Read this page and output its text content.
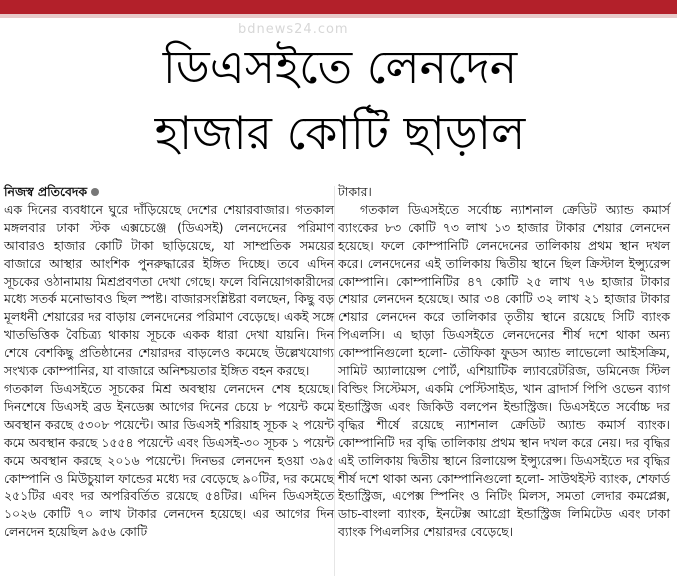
bdnews24.com
ডিএসইতে লেনদেন
হাজার কোটি ছাড়াল
নিজস্ব প্রতিবেদক

এক দিনের ব্যবধানে ঘুরে দাঁড়িয়েছে দেশের শেয়ারবাজার। গতকাল মঙ্গলবার ঢাকা স্টক এক্সচেঞ্জে (ডিএসই) লেনদেনের পরিমাণ আবারও হাজার কোটি টাকা ছাড়িয়েছে, যা সাম্প্রতিক সময়ের বাজারে আস্থার আংশিক পুনরুদ্ধারের ইঙ্গিত দিচ্ছে। তবে এদিন সূচকের ওঠানামায় মিশ্রপ্রবণতা দেখা গেছে। ফলে বিনিয়োগকারীদের মধ্যে সতর্ক মনোভাবও ছিল স্পষ্ট। বাজারসংশ্লিষ্টরা বলছেন, কিছু বড় মূলধনী শেয়ারের দর বাড়ায় লেনদেনের পরিমাণ বেড়েছে। একই সঙ্গে খাতভিত্তিক বৈচিত্র্য থাকায় সূচকে একক ধারা দেখা যায়নি। দিন শেষে বেশকিছু প্রতিষ্ঠানের শেয়ারদর বাড়লেও কমেছে উল্লেখযোগ্য সংখ্যক কোম্পানির, যা বাজারে অনিশ্চয়তার ইঙ্গিত বহন করছে।

গতকাল ডিএসইতে সূচকের মিশ্র অবস্থায় লেনদেন শেষ হয়েছে। দিনশেষে ডিএসই ব্রড ইনডেক্স আগের দিনের চেয়ে ৮ পয়েন্ট কমে অবস্থান করছে ৫৩০৮ পয়েন্টে। আর ডিএসই শরিয়াহ সূচক ২ পয়েন্ট কমে অবস্থান করছে ১৫৫৪ পয়েন্টে এবং ডিএসই-৩০ সূচক ১ পয়েন্ট কমে অবস্থান করছে ২০১৬ পয়েন্টে। দিনভর লেনদেন হওয়া ৩৯৫ কোম্পানি ও মিউচুয়াল ফান্ডের মধ্যে দর বেড়েছে ৯০টির, দর কমেছে ২৫১টির এবং দর অপরিবর্তিত রয়েছে ৫৪টির। এদিন ডিএসইতে ১০২৬ কোটি ৭০ লাখ টাকার লেনদেন হয়েছে। এর আগের দিন লেনদেন হয়েছিল ৯৫৬ কোটি

টাকার।

গতকাল ডিএসইতে সর্বোচ্চ ন্যাশনাল ক্রেডিট অ্যান্ড কমার্স ব্যাংকের ৮৩ কোটি ৭৩ লাখ ১৩ হাজার টাকার শেয়ার লেনদেন হয়েছে। ফলে কোম্পানিটি লেনদেনের তালিকায় প্রথম স্থান দখল করে। লেনদেনের এই তালিকায় দ্বিতীয় স্থানে ছিল ক্রিস্টাল ইন্স্যুরেন্স কোম্পানি। কোম্পানিটির ৪৭ কোটি ২৫ লাখ ৭৬ হাজার টাকার শেয়ার লেনদেন হয়েছে। আর ৩৪ কোটি ৩২ লাখ ২১ হাজার টাকার শেয়ার লেনদেন করে তালিকার তৃতীয় স্থানে রয়েছে সিটি ব্যাংক পিএলসি। এ ছাড়া ডিএসইতে লেনদেনের শীর্ষ দশে থাকা অন্য কোম্পানিগুলো হলো- তৌফিকা ফুডস অ্যান্ড লাভেলো আইসক্রিম, সামিট অ্যালায়েন্স পোর্ট, এশিয়াটিক ল্যাবরেটরিজ, ডমিনেজ স্টিল বিল্ডিং সিস্টেমস, একমি পেস্টিসাইড, খান ব্রাদার্স পিপি ওভেন ব্যাগ ইন্ডাস্ট্রিজ এবং জিকিউ বলপেন ইন্ডাস্ট্রিজ। ডিএসইতে সর্বোচ্চ দর বৃদ্ধির শীর্ষে রয়েছে ন্যাশনাল ক্রেডিট অ্যান্ড কমার্স ব্যাংক। কোম্পানিটি দর বৃদ্ধি তালিকায় প্রথম স্থান দখল করে নেয়। দর বৃদ্ধির এই তালিকায় দ্বিতীয় স্থানে রিলায়েন্স ইন্স্যুরেন্স। ডিএসইতে দর বৃদ্ধির শীর্ষ দশে থাকা অন্য কোম্পানিগুলো হলো- সাউথইস্ট ব্যাংক, শেফার্ড ইন্ডাস্ট্রিজ, এপেক্স স্পিনিং ও নিটিং মিলস, সমতা লেদার কমপ্লেক্স, ডাচ-বাংলা ব্যাংক, ইনটেক্স আগ্রো ইন্ডাস্ট্রিজ লিমিটেড এবং ঢাকা ব্যাংক পিএলসির শেয়ারদর বেড়েছে।
